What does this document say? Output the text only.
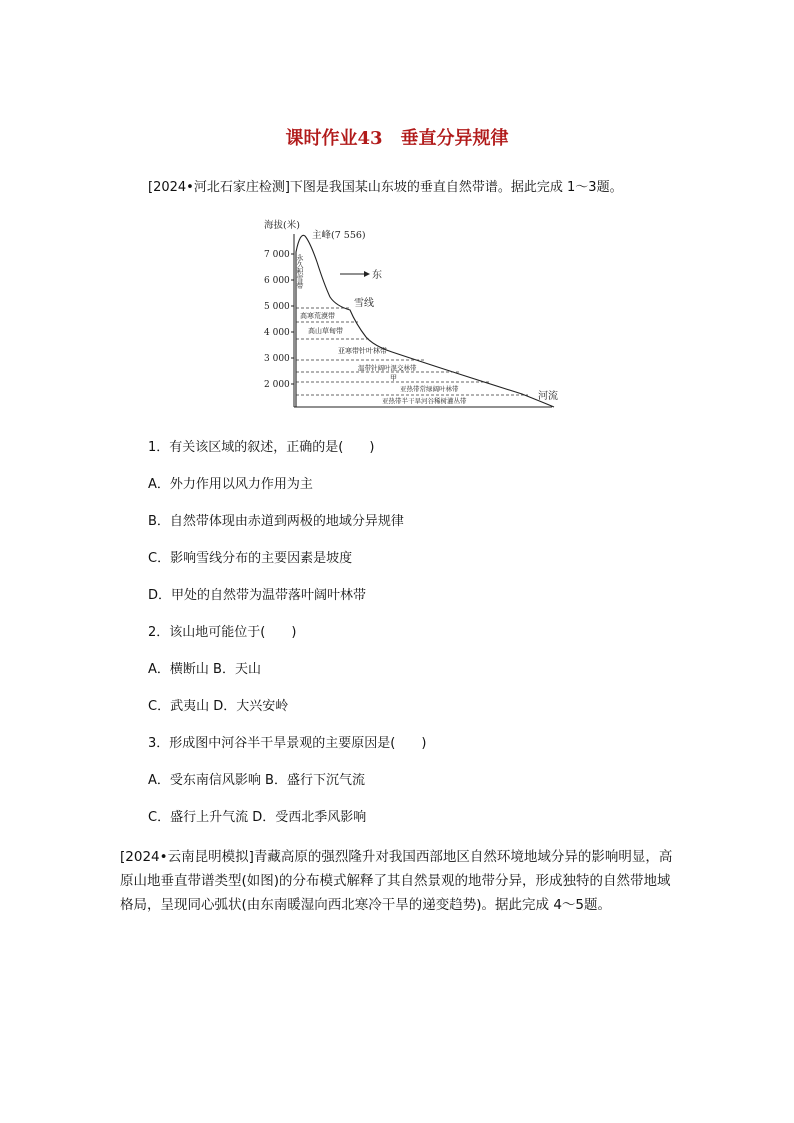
课时作业43　垂直分异规律
[2024•河北石家庄检测]下图是我国某山东坡的垂直自然带谱。据此完成 1～3题。
海拔(米)
7 000
6 000
5 000
4 000
3 000
2 000
永久积雪带
高寒荒漠带
高山草甸带
亚寒带针叶林带
温带针阔叶混交林带
甲
亚热带常绿阔叶林带
亚热带半干旱河谷稀树灌丛带
主峰(7 556)
东
雪线
河流
1．有关该区域的叙述，正确的是(　　)
A．外力作用以风力作用为主
B．自然带体现由赤道到两极的地域分异规律
C．影响雪线分布的主要因素是坡度
D．甲处的自然带为温带落叶阔叶林带
2．该山地可能位于(　　)
A．横断山 B．天山
C．武夷山 D．大兴安岭
3．形成图中河谷半干旱景观的主要原因是(　　)
A．受东南信风影响 B．盛行下沉气流
C．盛行上升气流 D．受西北季风影响
[2024•云南昆明模拟]青藏高原的强烈隆升对我国西部地区自然环境地域分异的影响明显，高原山地垂直带谱类型(如图)的分布模式解释了其自然景观的地带分异，形成独特的自然带地域格局，呈现同心弧状(由东南暖湿向西北寒冷干旱的递变趋势)。据此完成 4～5题。
